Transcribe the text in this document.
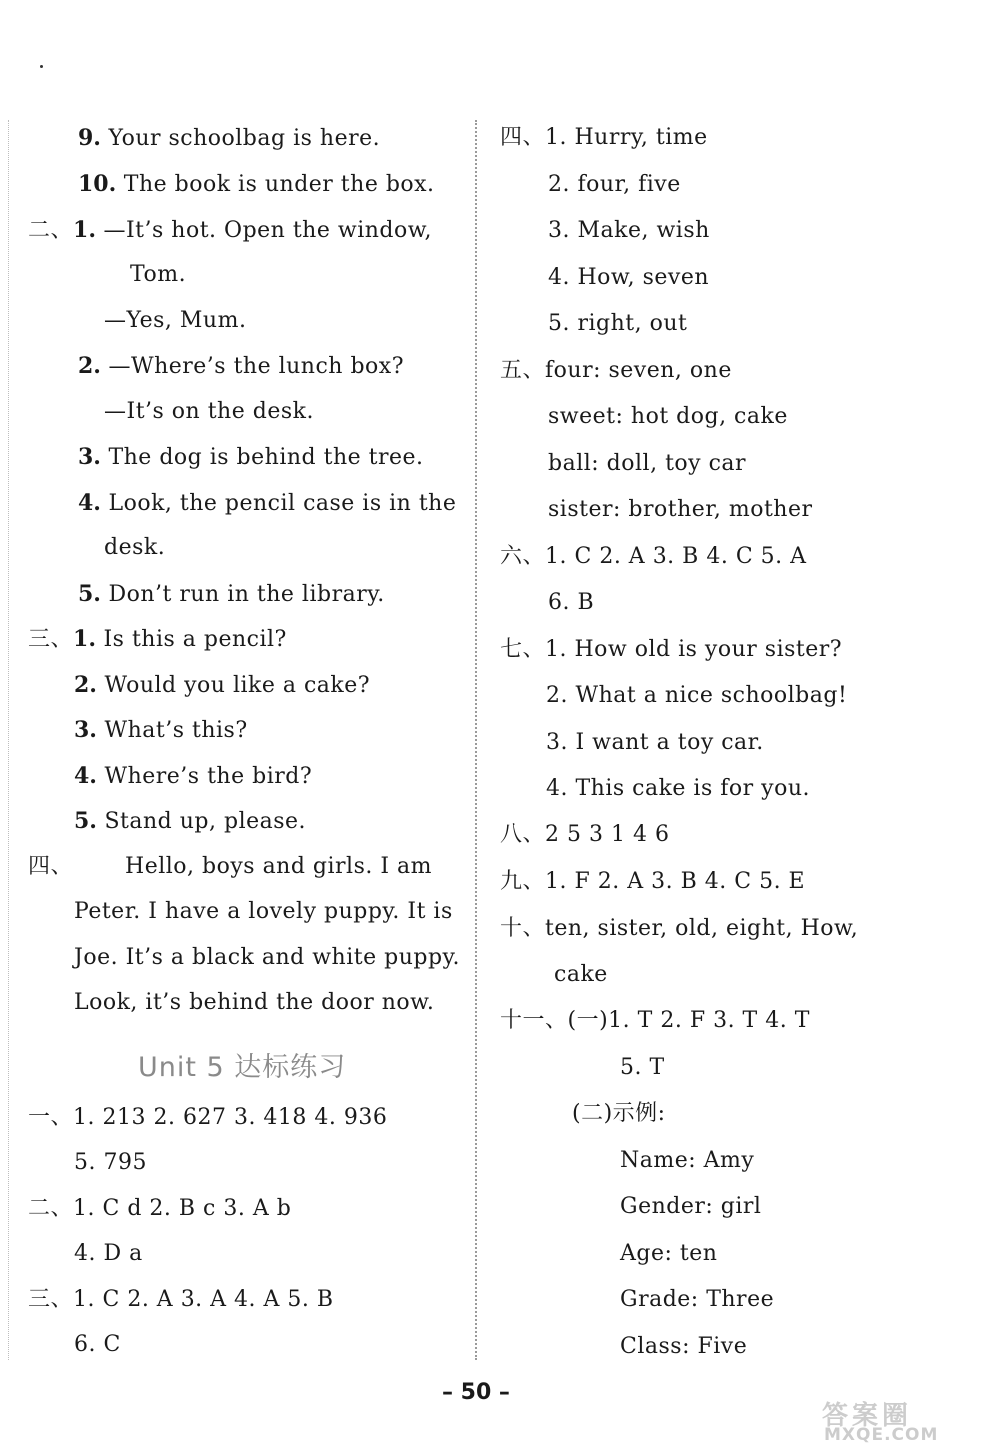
9. Your schoolbag is here.
10. The book is under the box.
二、1. —It’s hot. Open the window,
Tom.
—Yes, Mum.
2. —Where’s the lunch box?
—It’s on the desk.
3. The dog is behind the tree.
4. Look, the pencil case is in the
desk.
5. Don’t run in the library.
三、1. Is this a pencil?
2. Would you like a cake?
3. What’s this?
4. Where’s the bird?
5. Stand up, please.
四、 Hello, boys and girls. I am
Peter. I have a lovely puppy. It is
Joe. It’s a black and white puppy.
Look, it’s behind the door now.
Unit 5 达标练习
一、1. 213 2. 627 3. 418 4. 936
5. 795
二、1. C d 2. B c 3. A b
4. D a
三、1. C 2. A 3. A 4. A 5. B
6. C
四、1. Hurry, time
2. four, five
3. Make, wish
4. How, seven
5. right, out
五、four: seven, one
sweet: hot dog, cake
ball: doll, toy car
sister: brother, mother
六、1. C 2. A 3. B 4. C 5. A
6. B
七、1. How old is your sister?
2. What a nice schoolbag!
3. I want a toy car.
4. This cake is for you.
八、2 5 3 1 4 6
九、1. F 2. A 3. B 4. C 5. E
十、ten, sister, old, eight, How,
cake
十一、(一)1. T 2. F 3. T 4. T
5. T
(二)示例:
Name: Amy
Gender: girl
Age: ten
Grade: Three
Class: Five
– 50 –
答案圈
MXQE.COM
